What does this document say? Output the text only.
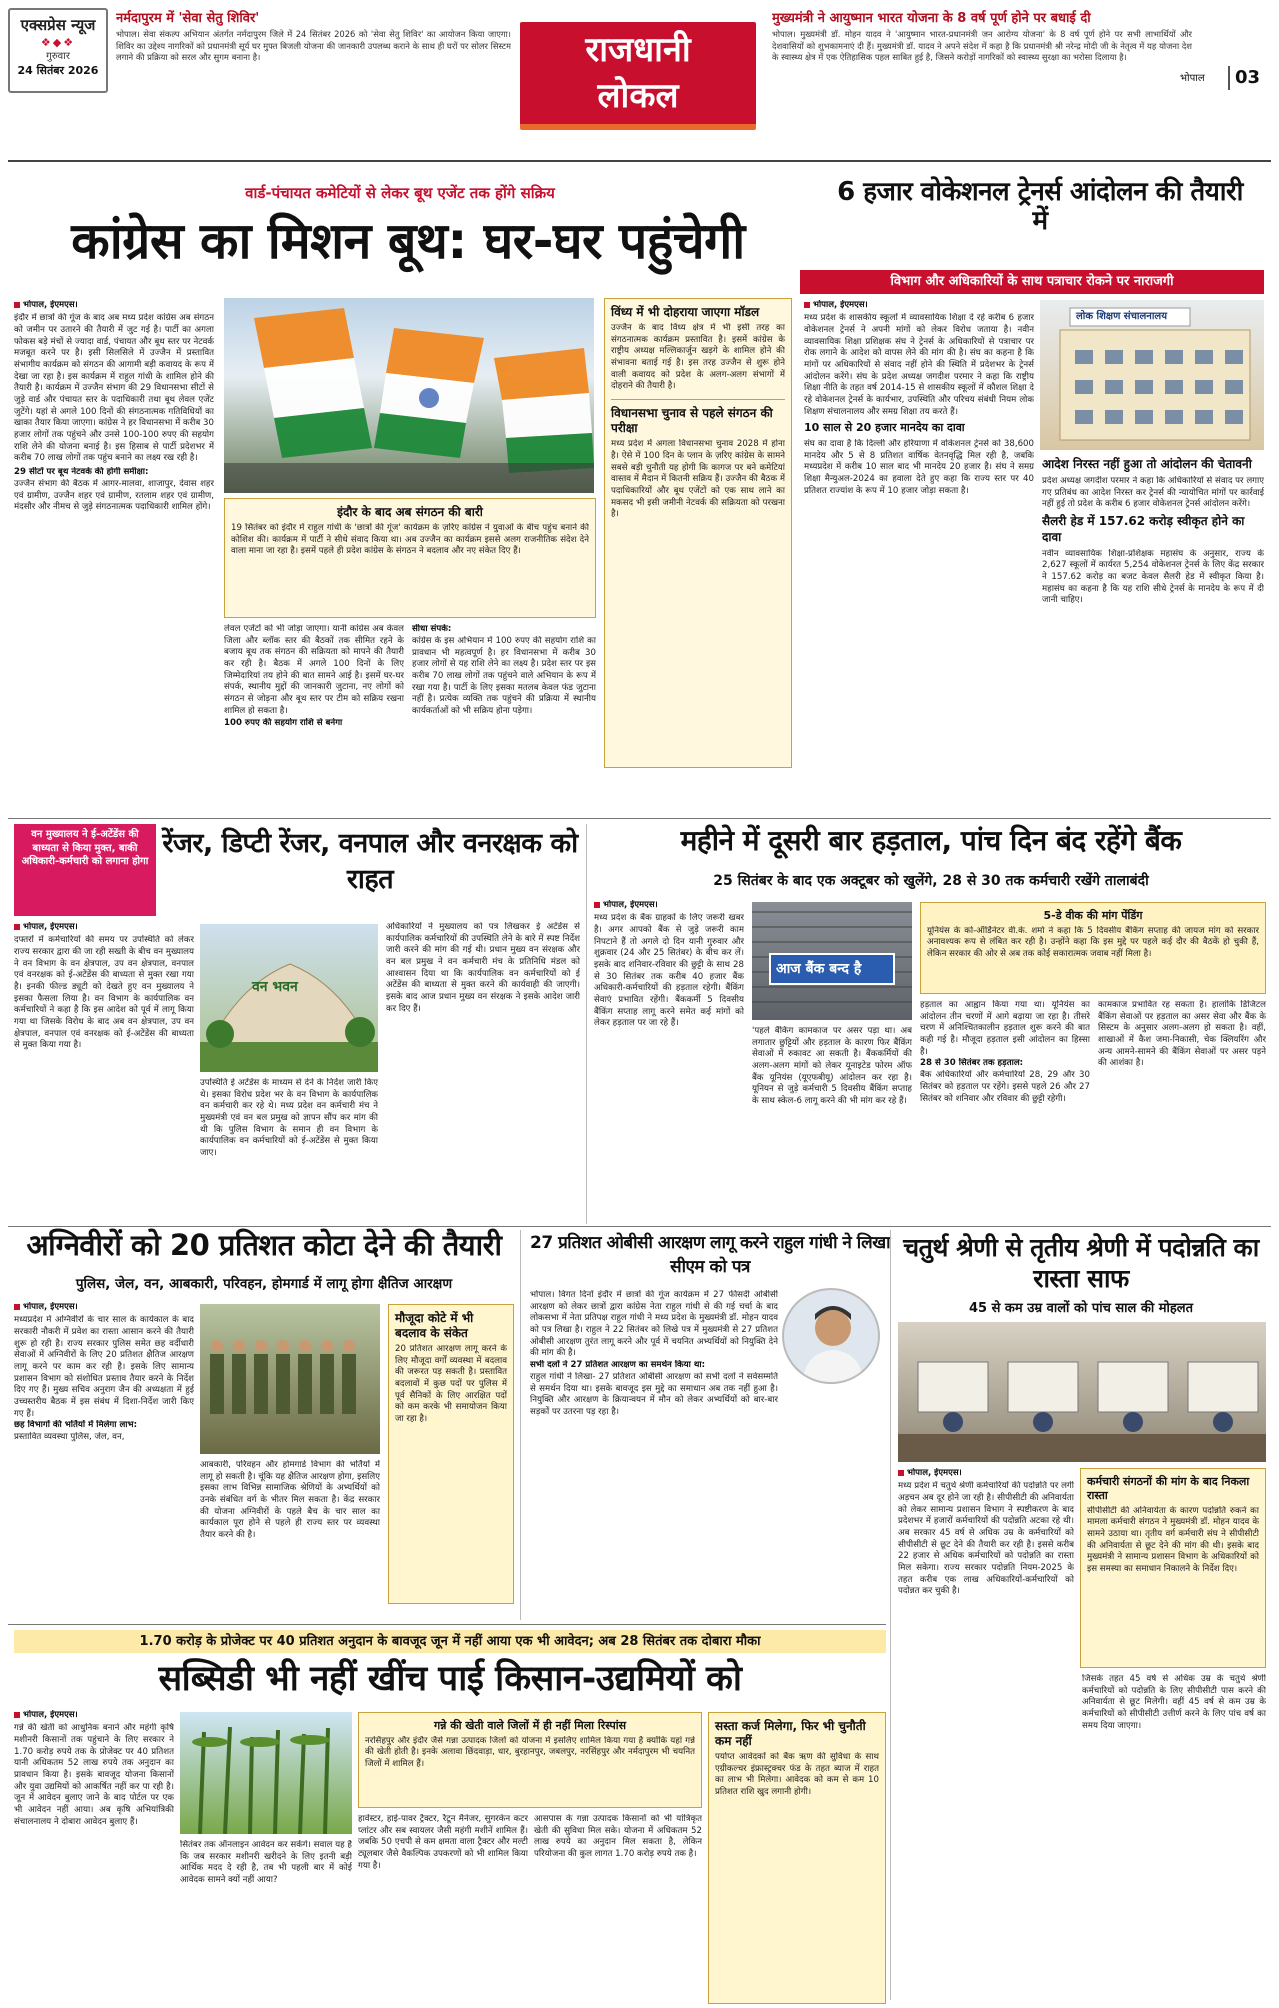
एक्सप्रेस न्यूज
❖◆❖
गुरुवार
24 सितंबर 2026
नर्मदापुरम में 'सेवा सेतु शिविर'
भोपाल। सेवा संकल्प अभियान अंतर्गत नर्मदापुरम जिले में 24 सितंबर 2026 को 'सेवा सेतु शिविर' का आयोजन किया जाएगा। शिविर का उद्देश्य नागरिकों को प्रधानमंत्री सूर्य घर मुफ्त बिजली योजना की जानकारी उपलब्ध कराने के साथ ही घरों पर सोलर सिस्टम लगाने की प्रक्रिया को सरल और सुगम बनाना है।	राजधानी
लोकल
मुख्यमंत्री ने आयुष्मान भारत योजना के 8 वर्ष पूर्ण होने पर बधाई दी
भोपाल। मुख्यमंत्री डॉ. मोहन यादव ने 'आयुष्मान भारत-प्रधानमंत्री जन आरोग्य योजना' के 8 वर्ष पूर्ण होने पर सभी लाभार्थियों और देशवासियों को शुभकामनाएं दी हैं। मुख्यमंत्री डॉ. यादव ने अपने संदेश में कहा है कि प्रधानमंत्री श्री नरेन्द्र मोदी जी के नेतृत्व में यह योजना देश के स्वास्थ्य क्षेत्र में एक ऐतिहासिक पहल साबित हुई है, जिसने करोड़ों नागरिकों को स्वास्थ्य सुरक्षा का भरोसा दिलाया है।
भोपाल	03
वार्ड-पंचायत कमेटियों से लेकर बूथ एजेंट तक होंगे सक्रिय
कांग्रेस का मिशन बूथ: घर-घर पहुंचेगी
भोपाल, ईएमएस।
इंदौर में छात्रों की गूंज के बाद अब मध्य प्रदेश कांग्रेस अब संगठन को जमीन पर उतारने की तैयारी में जुट गई है। पार्टी का अगला फोकस बड़े मंचों से ज्यादा वार्ड, पंचायत और बूथ स्तर पर नेटवर्क मजबूत करने पर है। इसी सिलसिले में उज्जैन में प्रस्तावित संभागीय कार्यक्रम को संगठन की आगामी बड़ी कवायद के रूप में देखा जा रहा है। इस कार्यक्रम में राहुल गांधी के शामिल होने की तैयारी है। कार्यक्रम में उज्जैन संभाग की 29 विधानसभा सीटों से जुड़े वार्ड और पंचायत स्तर के पदाधिकारी तथा बूथ लेवल एजेंट जुटेंगे। यहां से अगले 100 दिनों की संगठनात्मक गतिविधियों का खाका तैयार किया जाएगा। कांग्रेस ने हर विधानसभा में करीब 30 हजार लोगों तक पहुंचने और उनसे 100-100 रुपए की सहयोग राशि लेने की योजना बनाई है। इस हिसाब से पार्टी प्रदेशभर में करीब 70 लाख लोगों तक पहुंच बनाने का लक्ष्य रख रही है।
29 सीटों पर बूथ नेटवर्क की होगी समीक्षा:
उज्जैन संभाग की बैठक में आगर-मालवा, शाजापुर, देवास शहर एवं ग्रामीण, उज्जैन शहर एवं ग्रामीण, रतलाम शहर एवं ग्रामीण, मंदसौर और नीमच से जुड़े संगठनात्मक पदाधिकारी शामिल होंगे।
विंध्य में भी दोहराया जाएगा मॉडल
उज्जैन के बाद विंध्य क्षेत्र में भी इसी तरह का संगठनात्मक कार्यक्रम प्रस्तावित है। इसमें कांग्रेस के राष्ट्रीय अध्यक्ष मल्लिकार्जुन खड़गे के शामिल होने की संभावना बताई गई है। इस तरह उज्जैन से शुरू होने वाली कवायद को प्रदेश के अलग-अलग संभागों में दोहराने की तैयारी है।
विधानसभा चुनाव से पहले संगठन की परीक्षा
मध्य प्रदेश में अगला विधानसभा चुनाव 2028 में होना है। ऐसे में 100 दिन के प्लान के ज़रिए कांग्रेस के सामने सबसे बड़ी चुनौती यह होगी कि कागज पर बने कमेटियां वास्तव में मैदान में कितनी सक्रिय हैं। उज्जैन की बैठक में पदाधिकारियों और बूथ एजेंटों को एक साथ लाने का मकसद भी इसी जमीनी नेटवर्क की सक्रियता को परखना है।
इंदौर के बाद अब संगठन की बारी
19 सितंबर को इंदौर में राहुल गांधी के 'छात्रों की गूंज' कार्यक्रम के ज़रिए कांग्रेस ने युवाओं के बीच पहुंच बनाने की कोशिश की। कार्यक्रम में पार्टी ने सीधे संवाद किया था। अब उज्जैन का कार्यक्रम इससे अलग राजनीतिक संदेश देने वाला माना जा रहा है। इसमें पहले ही प्रदेश कांग्रेस के संगठन ने बदलाव और नए संकेत दिए हैं।
लेवल एजेंटों को भी जोड़ा जाएगा। यानी कांग्रेस अब केवल जिला और ब्लॉक स्तर की बैठकों तक सीमित रहने के बजाय बूथ तक संगठन की सक्रियता को मापने की तैयारी कर रही है। बैठक में अगले 100 दिनों के लिए जिम्मेदारियां तय होने की बात सामने आई है। इसमें घर-घर संपर्क, स्थानीय मुद्दों की जानकारी जुटाना, नए लोगों को संगठन से जोड़ना और बूथ स्तर पर टीम को सक्रिय रखना शामिल हो सकता है।
100 रुपए की सहयोग राशि से बनेगा
सीधा संपर्क:
कांग्रेस के इस अभियान में 100 रुपए की सहयोग राशि का प्रावधान भी महत्वपूर्ण है। हर विधानसभा में करीब 30 हजार लोगों से यह राशि लेने का लक्ष्य है। प्रदेश स्तर पर इस करीब 70 लाख लोगों तक पहुंचने वाले अभियान के रूप में रखा गया है। पार्टी के लिए इसका मतलब केवल फंड जुटाना नहीं है। प्रत्येक व्यक्ति तक पहुंचने की प्रक्रिया में स्थानीय कार्यकर्ताओं को भी सक्रिय होना पड़ेगा।
6 हजार वोकेशनल ट्रेनर्स आंदोलन की तैयारी में
विभाग और अधिकारियों के साथ पत्राचार रोकने पर नाराजगी
भोपाल, ईएमएस।
मध्य प्रदेश के शासकीय स्कूलों में व्यावसायिक शिक्षा दे रहे करीब 6 हजार वोकेशनल ट्रेनर्स ने अपनी मांगों को लेकर विरोध जताया है। नवीन व्यावसायिक शिक्षा प्रशिक्षक संघ ने ट्रेनर्स के अधिकारियों से पत्राचार पर रोक लगाने के आदेश को वापस लेने की मांग की है। संघ का कहना है कि मांगों पर अधिकारियों से संवाद नहीं होने की स्थिति में प्रदेशभर के ट्रेनर्स आंदोलन करेंगे। संघ के प्रदेश अध्यक्ष जगदीश परमार ने कहा कि राष्ट्रीय शिक्षा नीति के तहत वर्ष 2014-15 से शासकीय स्कूलों में कौशल शिक्षा दे रहे वोकेशनल ट्रेनर्स के कार्यभार, उपस्थिति और परिचय संबंधी नियम लोक शिक्षण संचालनालय और समग्र शिक्षा तय करते हैं।
10 साल से 20 हजार मानदेय का दावा
संघ का दावा है कि दिल्ली और हरियाणा में वोकेशनल ट्रेनर्स को 38,600 मानदेय और 5 से 8 प्रतिशत वार्षिक वेतनवृद्धि मिल रही है, जबकि मध्यप्रदेश में करीब 10 साल बाद भी मानदेय 20 हजार है। संघ ने समग्र शिक्षा मैन्युअल-2024 का हवाला देते हुए कहा कि राज्य स्तर पर 40 प्रतिशत राज्यांश के रूप में 10 हजार जोड़ा सकता है।
लोक शिक्षण संचालनालय
आदेश निरस्त नहीं हुआ तो आंदोलन की चेतावनी
प्रदेश अध्यक्ष जगदीश परमार ने कहा कि अधिकारियों से संवाद पर लगाए गए प्रतिबंध का आदेश निरस्त कर ट्रेनर्स की न्यायोचित मांगों पर कार्रवाई नहीं हुई तो प्रदेश के करीब 6 हजार वोकेशनल ट्रेनर्स आंदोलन करेंगे।
सैलरी हेड में 157.62 करोड़ स्वीकृत होने का दावा
नवीन व्यावसायिक शिक्षा-प्रशिक्षक महासंघ के अनुसार, राज्य के 2,627 स्कूलों में कार्यरत 5,254 वोकेशनल ट्रेनर्स के लिए केंद्र सरकार ने 157.62 करोड़ का बजट केवल सैलरी हेड में स्वीकृत किया है। महासंघ का कहना है कि यह राशि सीधे ट्रेनर्स के मानदेय के रूप में दी जानी चाहिए।
वन मुख्यालय ने ई-अटेंडेंस की बाध्यता से किया मुक्त, बाकी अधिकारी-कर्मचारी को लगाना होगा
रेंजर, डिप्टी रेंजर, वनपाल और वनरक्षक को राहत
भोपाल, ईएमएस।
दफ्तरों में कर्मचारियों की समय पर उपस्थिति को लेकर राज्य सरकार द्वारा की जा रही सख्ती के बीच वन मुख्यालय ने वन विभाग के वन क्षेत्रपाल, उप वन क्षेत्रपाल, वनपाल एवं वनरक्षक को ई-अटेंडेंस की बाध्यता से मुक्त रखा गया है। इनकी फील्ड ड्यूटी को देखते हुए वन मुख्यालय ने इसका फैसला लिया है। वन विभाग के कार्यपालिक वन कर्मचारियों ने कहा है कि इस आदेश को पूर्व में लागू किया गया था जिसके विरोध के बाद अब वन क्षेत्रपाल, उप वन क्षेत्रपाल, वनपाल एवं वनरक्षक को ई-अटेंडेंस की बाध्यता से मुक्त किया गया है।
वन भवन
उपस्थिति ई अटेंडेंस के माध्यम से देने के निर्देश जारी किए थे। इसका विरोध प्रदेश भर के वन विभाग के कार्यपालिक वन कर्मचारी कर रहे थे। मध्य प्रदेश वन कर्मचारी मंच ने मुख्यमंत्री एवं वन बल प्रमुख को ज्ञापन सौंप कर मांग की थी कि पुलिस विभाग के समान ही वन विभाग के कार्यपालिक वन कर्मचारियों को ई-अटेंडेंस से मुक्त किया जाए।
अधिकारियों ने मुख्यालय को पत्र लिखकर ई अटेंडेंस से कार्यपालिक कर्मचारियों की उपस्थिति लेने के बारे में स्पष्ट निर्देश जारी करने की मांग की गई थी। प्रधान मुख्य वन संरक्षक और वन बल प्रमुख ने वन कर्मचारी मंच के प्रतिनिधि मंडल को आश्वासन दिया था कि कार्यपालिक वन कर्मचारियों को ई अटेंडेंस की बाध्यता से मुक्त करने की कार्यवाही की जाएगी। इसके बाद आज प्रधान मुख्य वन संरक्षक ने इसके आदेश जारी कर दिए हैं।
महीने में दूसरी बार हड़ताल, पांच दिन बंद रहेंगे बैंक
25 सितंबर के बाद एक अक्टूबर को खुलेंगे, 28 से 30 तक कर्मचारी रखेंगे तालाबंदी
भोपाल, ईएमएस।
मध्य प्रदेश के बैंक ग्राहकों के लिए जरूरी खबर है। अगर आपको बैंक से जुड़े जरूरी काम निपटाने हैं तो अगले दो दिन यानी गुरुवार और शुक्रवार (24 और 25 सितंबर) के बीच कर लें। इसके बाद शनिवार-रविवार की छुट्टी के साथ 28 से 30 सितंबर तक करीब 40 हजार बैंक अधिकारी-कर्मचारियों की हड़ताल रहेगी। बैंकिंग सेवाएं प्रभावित रहेंगी। बैंककर्मी 5 दिवसीय बैंकिंग सप्ताह लागू करने समेत कई मांगों को लेकर हड़ताल पर जा रहे हैं।
आज बैंक बन्द है
'पहले बैंकिंग कामकाज पर असर पड़ा था। अब लगातार छुट्टियों और हड़ताल के कारण फिर बैंकिंग सेवाओं में रुकावट आ सकती है। बैंककर्मियों की अलग-अलग मांगों को लेकर यूनाइटेड फोरम ऑफ बैंक यूनियंस (यूएफबीयू) आंदोलन कर रहा है। यूनियन से जुड़े कर्मचारी 5 दिवसीय बैंकिंग सप्ताह के साथ स्केल-6 लागू करने की भी मांग कर रहे हैं।
5-डे वीक की मांग पेंडिंग
यूनियंस के को-ऑर्डिनेटर वी.के. शर्मा ने कहा कि 5 दिवसीय बैंकिंग सप्ताह की जायज मांग को सरकार अनावश्यक रूप से लंबित कर रही है। उन्होंने कहा कि इस मुद्दे पर पहले कई दौर की बैठकें हो चुकी हैं, लेकिन सरकार की ओर से अब तक कोई सकारात्मक जवाब नहीं मिला है।
हड़ताल का आह्वान किया गया था। यूनियंस का आंदोलन तीन चरणों में आगे बढ़ाया जा रहा है। तीसरे चरण में अनिश्चितकालीन हड़ताल शुरू करने की बात कही गई है। मौजूदा हड़ताल इसी आंदोलन का हिस्सा है।
28 से 30 सितंबर तक हड़ताल:
बैंक अधिकारियों और कर्मचारियों 28, 29 और 30 सितंबर को हड़ताल पर रहेंगे। इससे पहले 26 और 27 सितंबर को शनिवार और रविवार की छुट्टी रहेगी।
कामकाज प्रभावित रह सकता है। हालांकि डिजिटल बैंकिंग सेवाओं पर हड़ताल का असर सेवा और बैंक के सिस्टम के अनुसार अलग-अलग हो सकता है। वहीं, शाखाओं में कैश जमा-निकासी, चेक क्लियरिंग और अन्य आमने-सामने की बैंकिंग सेवाओं पर असर पड़ने की आशंका है।
अग्निवीरों को 20 प्रतिशत कोटा देने की तैयारी
पुलिस, जेल, वन, आबकारी, परिवहन, होमगार्ड में लागू होगा क्षैतिज आरक्षण
भोपाल, ईएमएस।
मध्यप्रदेश में अग्निवीरों के चार साल के कार्यकाल के बाद सरकारी नौकरी में प्रवेश का रास्ता आसान करने की तैयारी शुरू हो रही है। राज्य सरकार पुलिस समेत छह वर्दीधारी सेवाओं में अग्निवीरों के लिए 20 प्रतिशत क्षैतिज आरक्षण लागू करने पर काम कर रही है। इसके लिए सामान्य प्रशासन विभाग को संशोधित प्रस्ताव तैयार करने के निर्देश दिए गए हैं। मुख्य सचिव अनुराग जैन की अध्यक्षता में हुई उच्चस्तरीय बैठक में इस संबंध में दिशा-निर्देश जारी किए गए हैं।
छह विभागों की भर्तियों में मिलेगा लाभ:
प्रस्तावित व्यवस्था पुलिस, जेल, वन,
मौजूदा कोटे में भी बदलाव के संकेत
20 प्रतिशत आरक्षण लागू करने के लिए मौजूदा वर्गों व्यवस्था में बदलाव की जरूरत पड़ सकती है। प्रस्तावित बदलावों में कुछ पदों पर पुलिस में पूर्व सैनिकों के लिए आरक्षित पदों को कम करके भी समायोजन किया जा रहा है।
आबकारी, परिवहन और होमगार्ड विभाग की भर्तियों में लागू हो सकती है। चूंकि यह क्षैतिज आरक्षण होगा, इसलिए इसका लाभ विभिन्न सामाजिक श्रेणियों के अभ्यर्थियों को उनके संबंधित वर्ग के भीतर मिल सकता है। केंद्र सरकार की योजना अग्निवीरों के पहले बैच के चार साल का कार्यकाल पूरा होने से पहले ही राज्य स्तर पर व्यवस्था तैयार करने की है।
27 प्रतिशत ओबीसी आरक्षण लागू करने राहुल गांधी ने लिखा सीएम को पत्र
भोपाल। विगत दिनों इंदौर में छात्रों की गूंज कार्यक्रम में 27 फीसदी ओबीसी आरक्षण को लेकर छात्रों द्वारा कांग्रेस नेता राहुल गांधी से की गई चर्चा के बाद लोकसभा में नेता प्रतिपक्ष राहुल गांधी ने मध्य प्रदेश के मुख्यमंत्री डॉ. मोहन यादव को पत्र लिखा है। राहुल ने 22 सितंबर को लिखे पत्र में मुख्यमंत्री से 27 प्रतिशत ओबीसी आरक्षण तुरंत लागू करने और पूर्व में चयनित अभ्यर्थियों को नियुक्ति देने की मांग की है।
सभी दलों ने 27 प्रतिशत आरक्षण का समर्थन किया था:
राहुल गांधी ने लिखा- 27 प्रतिशत ओबीसी आरक्षण को सभी दलों ने सर्वसम्मति से समर्थन दिया था। इसके बावजूद इस मुद्दे का समाधान अब तक नहीं हुआ है। नियुक्ति और आरक्षण के क्रियान्वयन में मौन को लेकर अभ्यर्थियों को बार-बार सड़कों पर उतरना पड़ रहा है।
चतुर्थ श्रेणी से तृतीय श्रेणी में पदोन्नति का रास्ता साफ
45 से कम उम्र वालों को पांच साल की मोहलत
भोपाल, ईएमएस।
मध्य प्रदेश में चतुर्थ श्रेणी कर्मचारियों की पदोन्नति पर लगी अड़चन अब दूर होने जा रही है। सीपीसीटी की अनिवार्यता को लेकर सामान्य प्रशासन विभाग ने स्पष्टीकरण के बाद प्रदेशभर में हजारों कर्मचारियों की पदोन्नति अटका रहे थी। अब सरकार 45 वर्ष से अधिक उम्र के कर्मचारियों को सीपीसीटी से छूट देने की तैयारी कर रही है। इससे करीब 22 हजार से अधिक कर्मचारियों को पदोन्नति का रास्ता मिल सकेगा। राज्य सरकार पदोन्नति नियम-2025 के तहत करीब एक लाख अधिकारियों-कर्मचारियों को पदोन्नत कर चुकी है।
कर्मचारी संगठनों की मांग के बाद निकला रास्ता
सीपीसीटी की अनिवार्यता के कारण पदोन्नति रुकने का मामला कर्मचारी संगठन ने मुख्यमंत्री डॉ. मोहन यादव के सामने उठाया था। तृतीय वर्ग कर्मचारी संघ ने सीपीसीटी की अनिवार्यता से छूट देने की मांग की थी। इसके बाद मुख्यमंत्री ने सामान्य प्रशासन विभाग के अधिकारियों को इस समस्या का समाधान निकालने के निर्देश दिए।
जिसके तहत 45 वर्ष से अधिक उम्र के चतुर्थ श्रेणी कर्मचारियों को पदोन्नति के लिए सीपीसीटी पास करने की अनिवार्यता से छूट मिलेगी। वहीं 45 वर्ष से कम उम्र के कर्मचारियों को सीपीसीटी उत्तीर्ण करने के लिए पांच वर्ष का समय दिया जाएगा।
1.70 करोड़ के प्रोजेक्ट पर 40 प्रतिशत अनुदान के बावजूद जून में नहीं आया एक भी आवेदन; अब 28 सितंबर तक दोबारा मौका
सब्सिडी भी नहीं खींच पाई किसान-उद्यमियों को
भोपाल, ईएमएस।
गन्ने की खेती को आधुनिक बनाने और महंगी कृषि मशीनरी किसानों तक पहुंचाने के लिए सरकार ने 1.70 करोड़ रुपये तक के प्रोजेक्ट पर 40 प्रतिशत यानी अधिकतम 52 लाख रुपये तक अनुदान का प्रावधान किया है। इसके बावजूद योजना किसानों और युवा उद्यमियों को आकर्षित नहीं कर पा रही है। जून में आवेदन बुलाए जाने के बाद पोर्टल पर एक भी आवेदन नहीं आया। अब कृषि अभियांत्रिकी संचालनालय ने दोबारा आवेदन बुलाए हैं।
सितंबर तक ऑनलाइन आवेदन कर सकेंगे। सवाल यह है कि जब सरकार मशीनरी खरीदने के लिए इतनी बड़ी आर्थिक मदद दे रही है, तब भी पहली बार में कोई आवेदक सामने क्यों नहीं आया?
गन्ने की खेती वाले जिलों में ही नहीं मिला रिस्पांस
नरसिंहपुर और इंदौर जैसे गन्ना उत्पादक जिलों को योजना में इसलिए शामिल किया गया है क्योंकि यहां गन्ने की खेती होती है। इनके अलावा छिंदवाड़ा, धार, बुरहानपुर, जबलपुर, नरसिंहपुर और नर्मदापुरम भी चयनित जिलों में शामिल हैं।
हार्वेस्टर, हाई-पावर ट्रैक्टर, रैटून मैनेजर, सुगरकेन कटर प्लांटर और सब स्वायलर जैसी महंगी मशीनें शामिल हैं। जबकि 50 एचपी से कम क्षमता वाला ट्रैक्टर और मल्टी ट्यूलबार जैसे वैकल्पिक उपकरणों को भी शामिल किया गया है।
आसपास के गन्ना उत्पादक किसानों को भी यांत्रिकृत खेती की सुविधा मिल सके। योजना में अधिकतम 52 लाख रुपये का अनुदान मिल सकता है, लेकिन परियोजना की कुल लागत 1.70 करोड़ रुपये तक है।
सस्ता कर्ज मिलेगा, फिर भी चुनौती कम नहीं
पर्याप्त आवेदकों को बैंक ऋण की सुविधा के साथ एग्रीकल्चर इंफ्रास्ट्रक्चर फंड के तहत ब्याज में राहत का लाभ भी मिलेगा। आवेदक को कम से कम 10 प्रतिशत राशि खुद लगानी होगी।
